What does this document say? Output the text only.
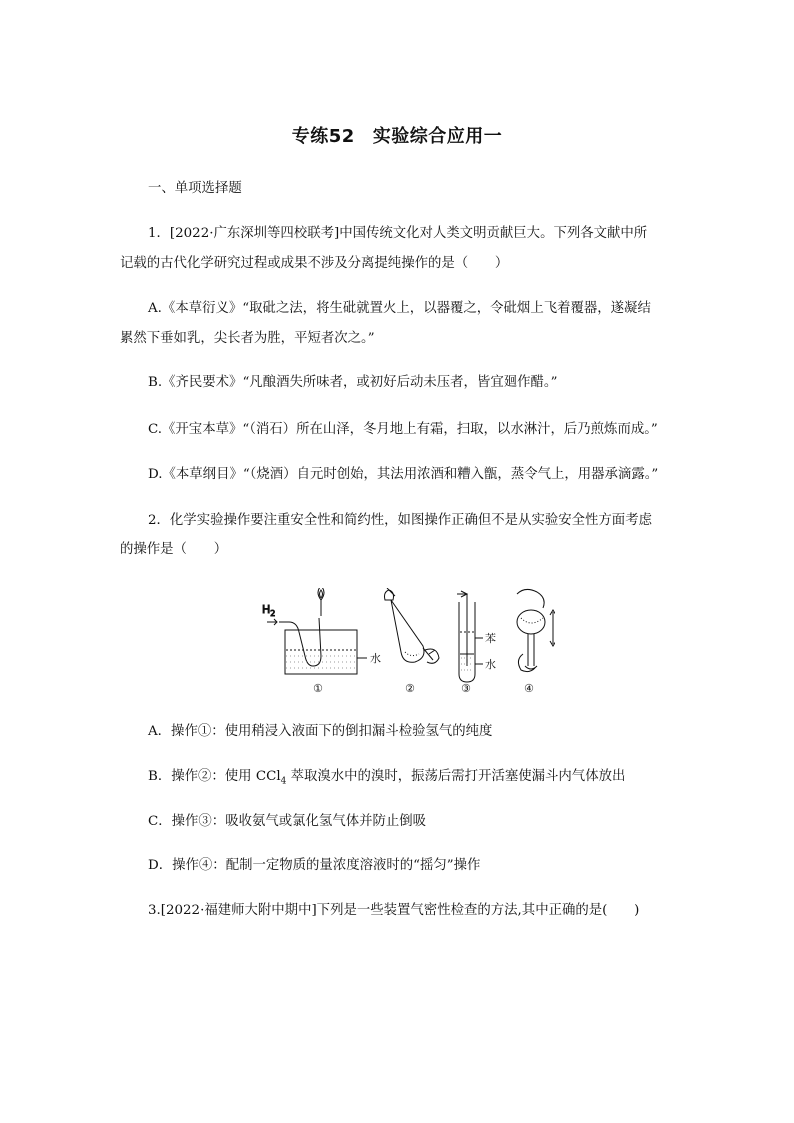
专练52 实验综合应用一
一、单项选择题
1．[2022·广东深圳等四校联考]中国传统文化对人类文明贡献巨大。下列各文献中所
记载的古代化学研究过程或成果不涉及分离提纯操作的是（　　）
A.《本草衍义》“取砒之法，将生砒就置火上，以器覆之，令砒烟上飞着覆器，遂凝结
累然下垂如乳，尖长者为胜，平短者次之。”
B.《齐民要术》“凡酿酒失所味者，或初好后动未压者，皆宜廻作醋。”
C.《开宝本草》“（消石）所在山泽，冬月地上有霜，扫取，以水淋汁，后乃煎炼而成。”
D.《本草纲目》“（烧酒）自元时创始，其法用浓酒和糟入甑，蒸令气上，用器承滴露。”
2．化学实验操作要注重安全性和简约性，如图操作正确但不是从实验安全性方面考虑
的操作是（　　）
$H_2$
水
①	②
苯
水
③	④
A．操作①：使用稍浸入液面下的倒扣漏斗检验氢气的纯度
B．操作②：使用 CCl$_4$ 萃取溴水中的溴时，振荡后需打开活塞使漏斗内气体放出
C．操作③：吸收氨气或氯化氢气体并防止倒吸
D．操作④：配制一定物质的量浓度溶液时的“摇匀”操作
3.[2022·福建师大附中期中]下列是一些装置气密性检查的方法,其中正确的是(　　)
